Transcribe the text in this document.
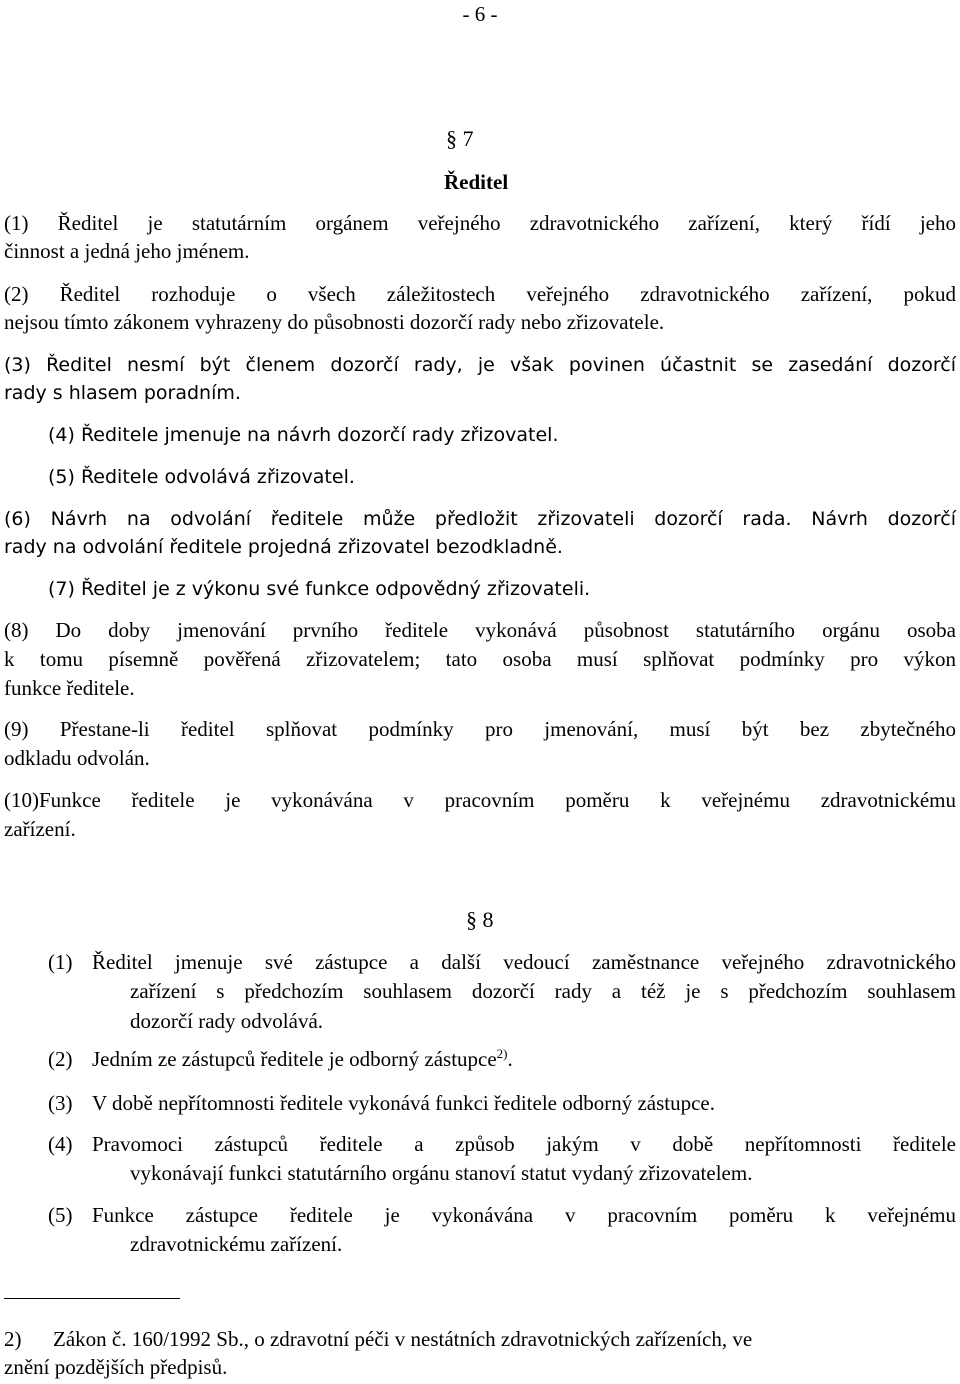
- 6 -
§ 7
Ředitel
(1) Ředitel je statutárním orgánem veřejného zdravotnického zařízení, který řídí jeho
činnost a jedná jeho jménem.
(2) Ředitel rozhoduje o všech záležitostech veřejného zdravotnického zařízení, pokud
nejsou tímto zákonem vyhrazeny do působnosti dozorčí rady nebo zřizovatele.
(3) Ředitel nesmí být členem dozorčí rady, je však povinen účastnit se zasedání dozorčí
rady s hlasem poradním.
(4) Ředitele jmenuje na návrh dozorčí rady zřizovatel.
(5) Ředitele odvolává zřizovatel.
(6) Návrh na odvolání ředitele může předložit zřizovateli dozorčí rada. Návrh dozorčí
rady na odvolání ředitele projedná zřizovatel bezodkladně.
(7) Ředitel je z výkonu své funkce odpovědný zřizovateli.
(8) Do doby jmenování prvního ředitele vykonává působnost statutárního orgánu osoba
k tomu písemně pověřená zřizovatelem; tato osoba musí splňovat podmínky pro výkon
funkce ředitele.
(9) Přestane-li ředitel splňovat podmínky pro jmenování, musí být bez zbytečného
odkladu odvolán.
(10)Funkce ředitele je vykonávána v pracovním poměru k veřejnému zdravotnickému
zařízení.
§ 8
(1) Ředitel jmenuje své zástupce a další vedoucí zaměstnance veřejného zdravotnického
zařízení s předchozím souhlasem dozorčí rady a též je s předchozím souhlasem
dozorčí rady odvolává.
(2) Jedním ze zástupců ředitele je odborný zástupce$^{2)}$.
(3) V době nepřítomnosti ředitele vykonává funkci ředitele odborný zástupce.
(4) Pravomoci zástupců ředitele a způsob jakým v době nepřítomnosti ředitele
vykonávají funkci statutárního orgánu stanoví statut vydaný zřizovatelem.
(5) Funkce zástupce ředitele je vykonávána v pracovním poměru k veřejnému
zdravotnickému zařízení.
2)      Zákon č. 160/1992 Sb., o zdravotní péči v nestátních zdravotnických zařízeních, ve
znění pozdějších předpisů.
